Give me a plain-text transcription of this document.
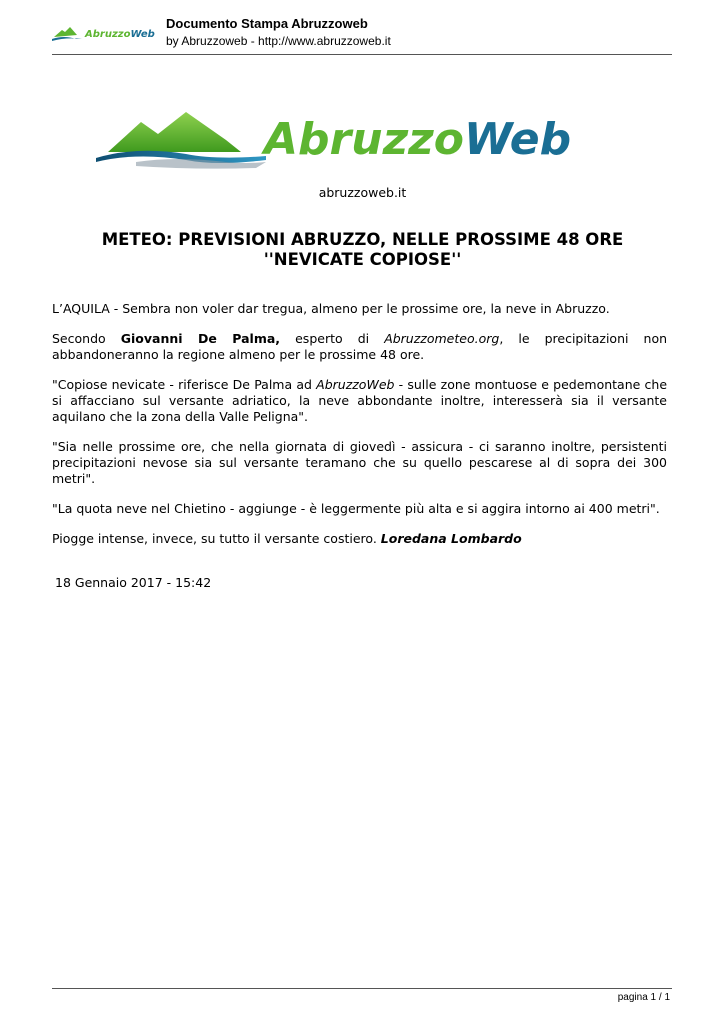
AbruzzoWeb
Documento Stampa Abruzzoweb
by Abruzzoweb - http://www.abruzzoweb.it
AbruzzoWeb
abruzzoweb.it
METEO: PREVISIONI ABRUZZO, NELLE PROSSIME 48 ORE
''NEVICATE COPIOSE''

L’AQUILA - Sembra non voler dar tregua, almeno per le prossime ore, la neve in Abruzzo.

Secondo Giovanni De Palma, esperto di Abruzzometeo.org, le precipitazioni non abbandoneranno la regione almeno per le prossime 48 ore.

"Copiose nevicate - riferisce De Palma ad AbruzzoWeb - sulle zone montuose e pedemontane che si affacciano sul versante adriatico, la neve abbondante inoltre, interesserà sia il versante aquilano che la zona della Valle Peligna".

"Sia nelle prossime ore, che nella giornata di giovedì - assicura - ci saranno inoltre, persistenti precipitazioni nevose sia sul versante teramano che su quello pescarese al di sopra dei 300 metri".

"La quota neve nel Chietino - aggiunge - è leggermente più alta e si aggira intorno ai 400 metri".

Piogge intense, invece, su tutto il versante costiero. Loredana Lombardo

18 Gennaio 2017 - 15:42
pagina 1 / 1
